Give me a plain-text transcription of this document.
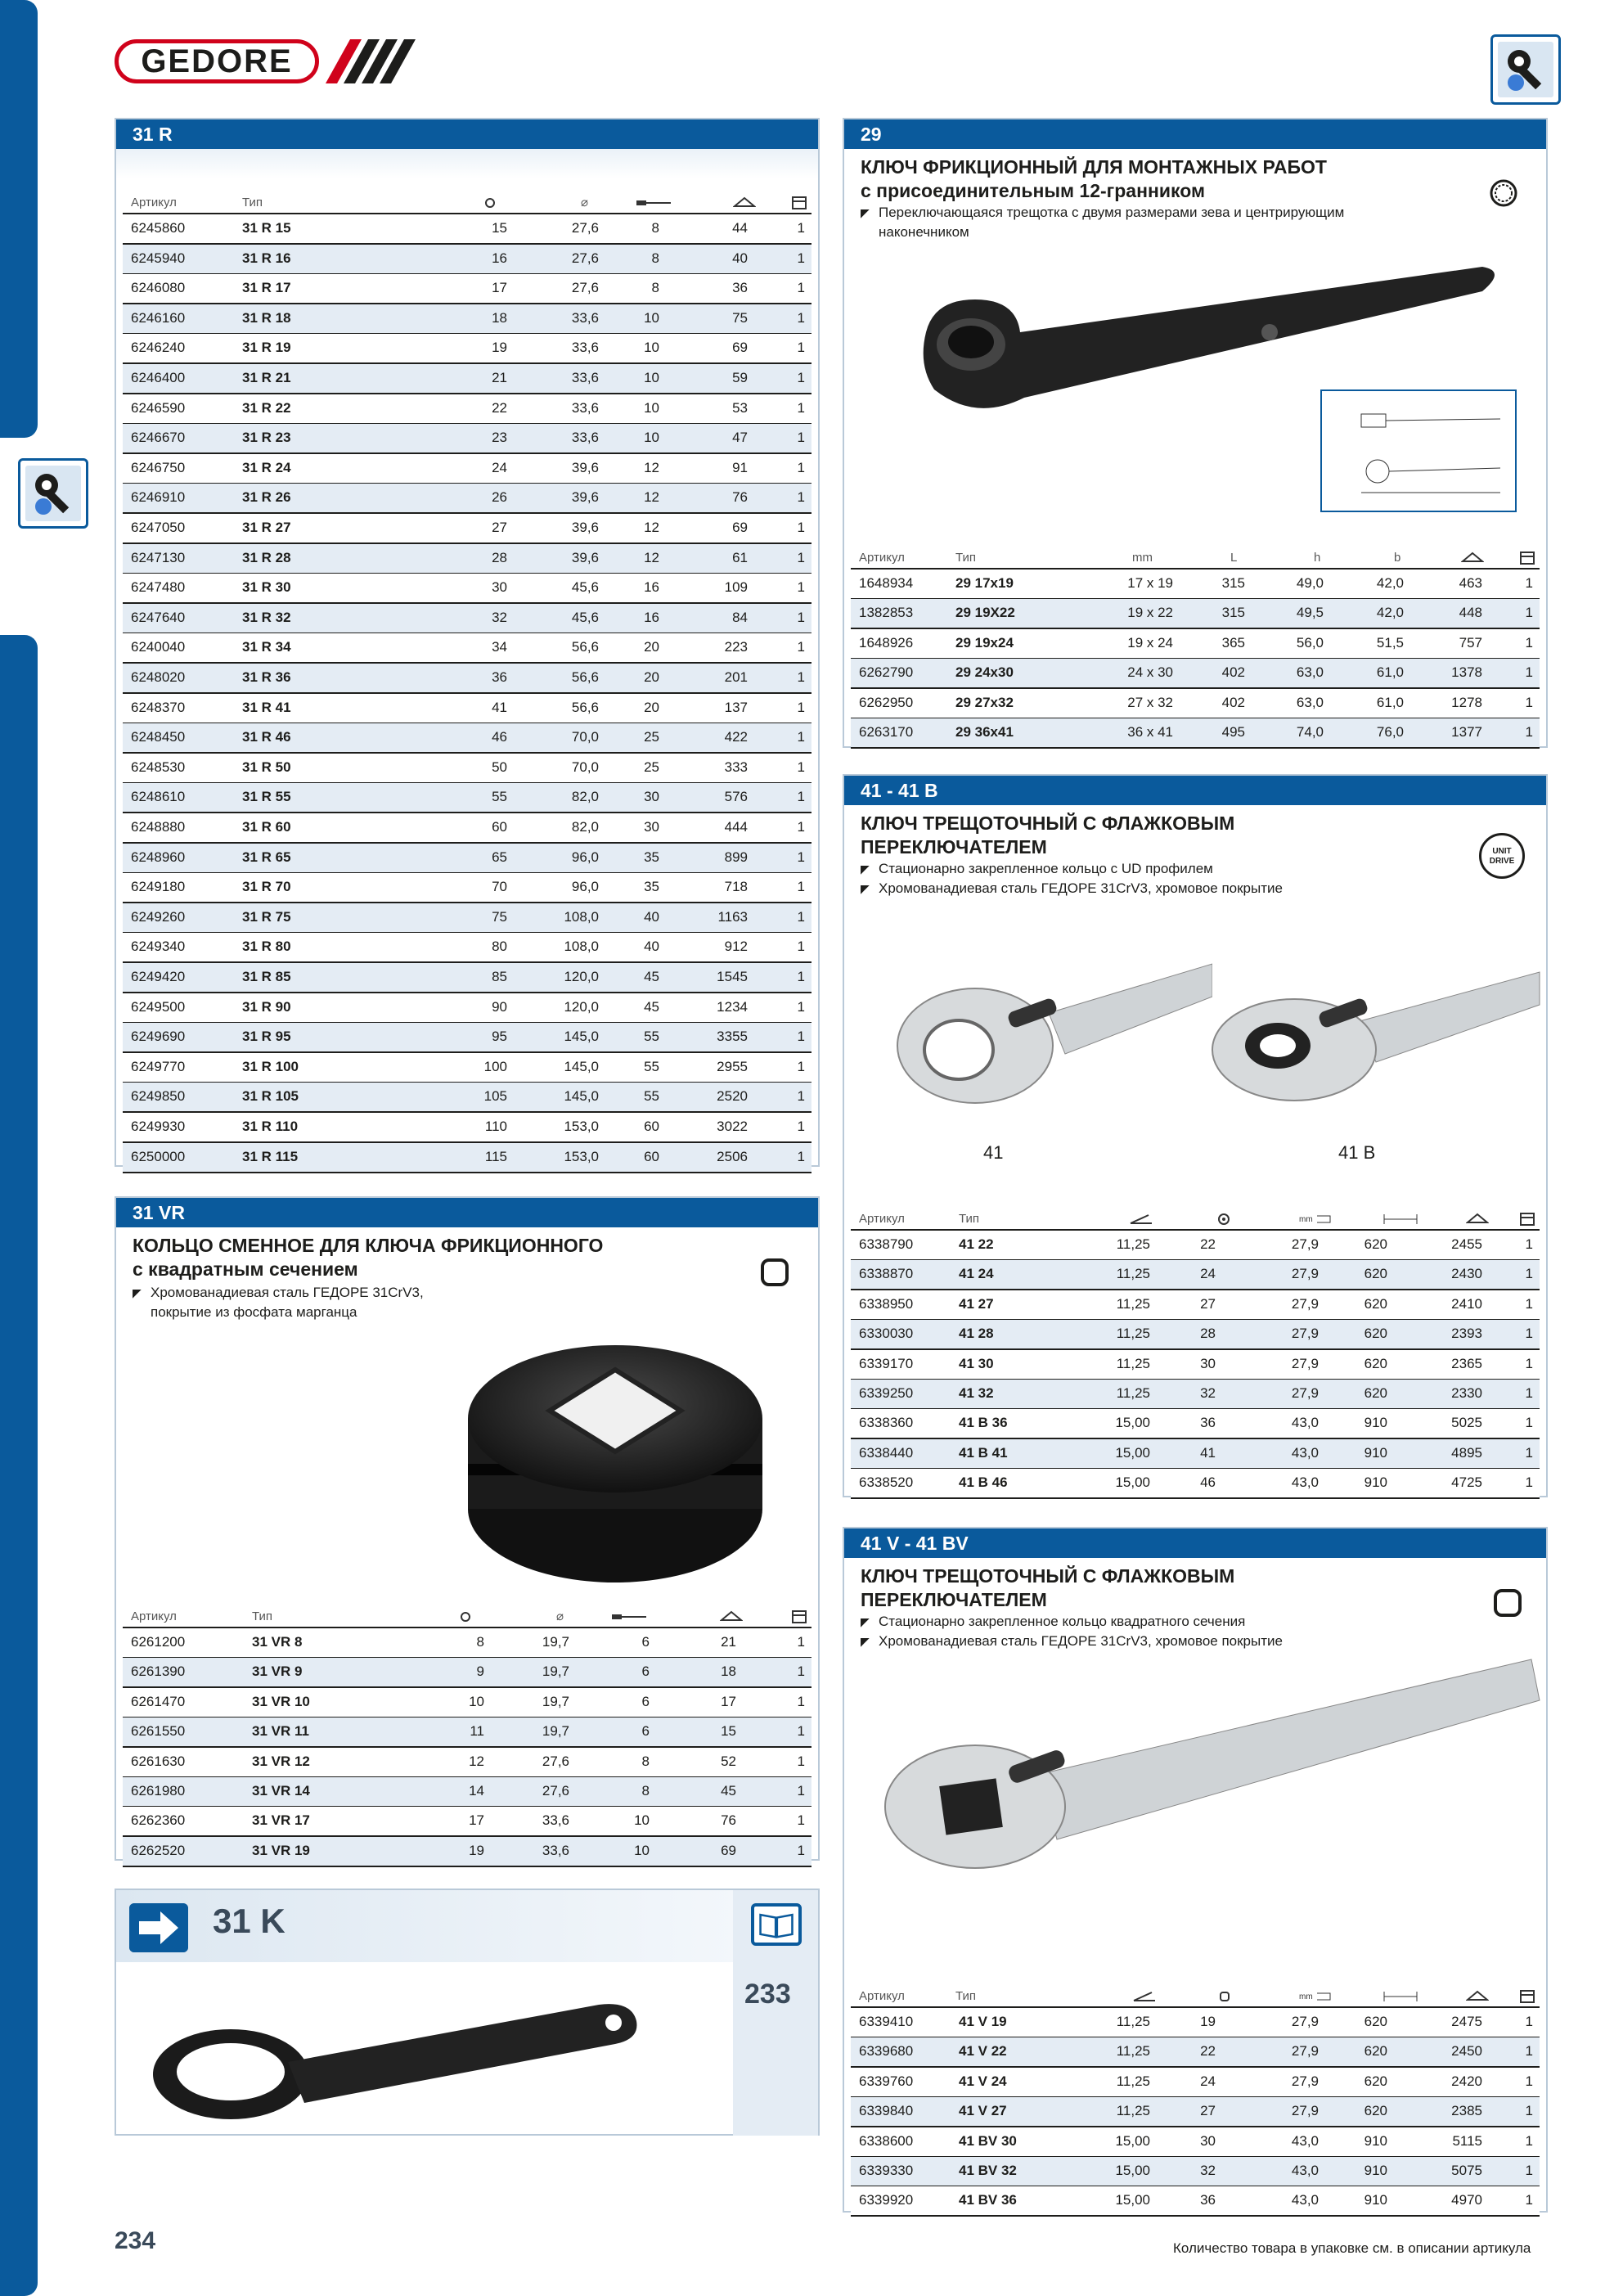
GEDORE
31 R
Артикул	Тип	⌀
6245860	31 R 15	15	27,6	8	44	1
6245940	31 R 16	16	27,6	8	40	1
6246080	31 R 17	17	27,6	8	36	1
6246160	31 R 18	18	33,6	10	75	1
6246240	31 R 19	19	33,6	10	69	1
6246400	31 R 21	21	33,6	10	59	1
6246590	31 R 22	22	33,6	10	53	1
6246670	31 R 23	23	33,6	10	47	1
6246750	31 R 24	24	39,6	12	91	1
6246910	31 R 26	26	39,6	12	76	1
6247050	31 R 27	27	39,6	12	69	1
6247130	31 R 28	28	39,6	12	61	1
6247480	31 R 30	30	45,6	16	109	1
6247640	31 R 32	32	45,6	16	84	1
6240040	31 R 34	34	56,6	20	223	1
6248020	31 R 36	36	56,6	20	201	1
6248370	31 R 41	41	56,6	20	137	1
6248450	31 R 46	46	70,0	25	422	1
6248530	31 R 50	50	70,0	25	333	1
6248610	31 R 55	55	82,0	30	576	1
6248880	31 R 60	60	82,0	30	444	1
6248960	31 R 65	65	96,0	35	899	1
6249180	31 R 70	70	96,0	35	718	1
6249260	31 R 75	75	108,0	40	1163	1
6249340	31 R 80	80	108,0	40	912	1
6249420	31 R 85	85	120,0	45	1545	1
6249500	31 R 90	90	120,0	45	1234	1
6249690	31 R 95	95	145,0	55	3355	1
6249770	31 R 100	100	145,0	55	2955	1
6249850	31 R 105	105	145,0	55	2520	1
6249930	31 R 110	110	153,0	60	3022	1
6250000	31 R 115	115	153,0	60	2506	1
31 VR
КОЛЬЦО СМЕННОЕ ДЛЯ КЛЮЧА ФРИКЦИОННОГО
с квадратным сечением
◤ Хромованадиевая сталь ГЕДОРЕ 31CrV3,
покрытие из фосфата марганца
Артикул	Тип	⌀
6261200	31 VR 8	8	19,7	6	21	1
6261390	31 VR 9	9	19,7	6	18	1
6261470	31 VR 10	10	19,7	6	17	1
6261550	31 VR 11	11	19,7	6	15	1
6261630	31 VR 12	12	27,6	8	52	1
6261980	31 VR 14	14	27,6	8	45	1
6262360	31 VR 17	17	33,6	10	76	1
6262520	31 VR 19	19	33,6	10	69	1
31 K
233
29
КЛЮЧ ФРИКЦИОННЫЙ ДЛЯ МОНТАЖНЫХ РАБОТ
с присоединительным 12-гранником
◤ Переключающаяся трещотка с двумя размерами зева и центрирующим
наконечником
Артикул	Тип	mm	L	h	b
1648934	29 17x19	17 x 19	315	49,0	42,0	463	1
1382853	29 19X22	19 x 22	315	49,5	42,0	448	1
1648926	29 19x24	19 x 24	365	56,0	51,5	757	1
6262790	29 24x30	24 x 30	402	63,0	61,0	1378	1
6262950	29 27x32	27 x 32	402	63,0	61,0	1278	1
6263170	29 36x41	36 x 41	495	74,0	76,0	1377	1
41 - 41 B
КЛЮЧ ТРЕЩОТОЧНЫЙ С ФЛАЖКОВЫМ
ПЕРЕКЛЮЧАТЕЛЕМ
◤ Стационарно закрепленное кольцо с UD профилем
◤ Хромованадиевая сталь ГЕДОРЕ 31CrV3, хромовое покрытие
UNIT
DRIVE
41	41 B
Артикул	Тип	mm
6338790	41 22	11,25	22	27,9	620	2455	1
6338870	41 24	11,25	24	27,9	620	2430	1
6338950	41 27	11,25	27	27,9	620	2410	1
6330030	41 28	11,25	28	27,9	620	2393	1
6339170	41 30	11,25	30	27,9	620	2365	1
6339250	41 32	11,25	32	27,9	620	2330	1
6338360	41 B 36	15,00	36	43,0	910	5025	1
6338440	41 B 41	15,00	41	43,0	910	4895	1
6338520	41 B 46	15,00	46	43,0	910	4725	1
41 V - 41 BV
КЛЮЧ ТРЕЩОТОЧНЫЙ С ФЛАЖКОВЫМ
ПЕРЕКЛЮЧАТЕЛЕМ
◤ Стационарно закрепленное кольцо квадратного сечения
◤ Хромованадиевая сталь ГЕДОРЕ 31CrV3, хромовое покрытие
Артикул	Тип	mm
6339410	41 V 19	11,25	19	27,9	620	2475	1
6339680	41 V 22	11,25	22	27,9	620	2450	1
6339760	41 V 24	11,25	24	27,9	620	2420	1
6339840	41 V 27	11,25	27	27,9	620	2385	1
6338600	41 BV 30	15,00	30	43,0	910	5115	1
6339330	41 BV 32	15,00	32	43,0	910	5075	1
6339920	41 BV 36	15,00	36	43,0	910	4970	1
234	Количество товара в упаковке см. в описании артикула
